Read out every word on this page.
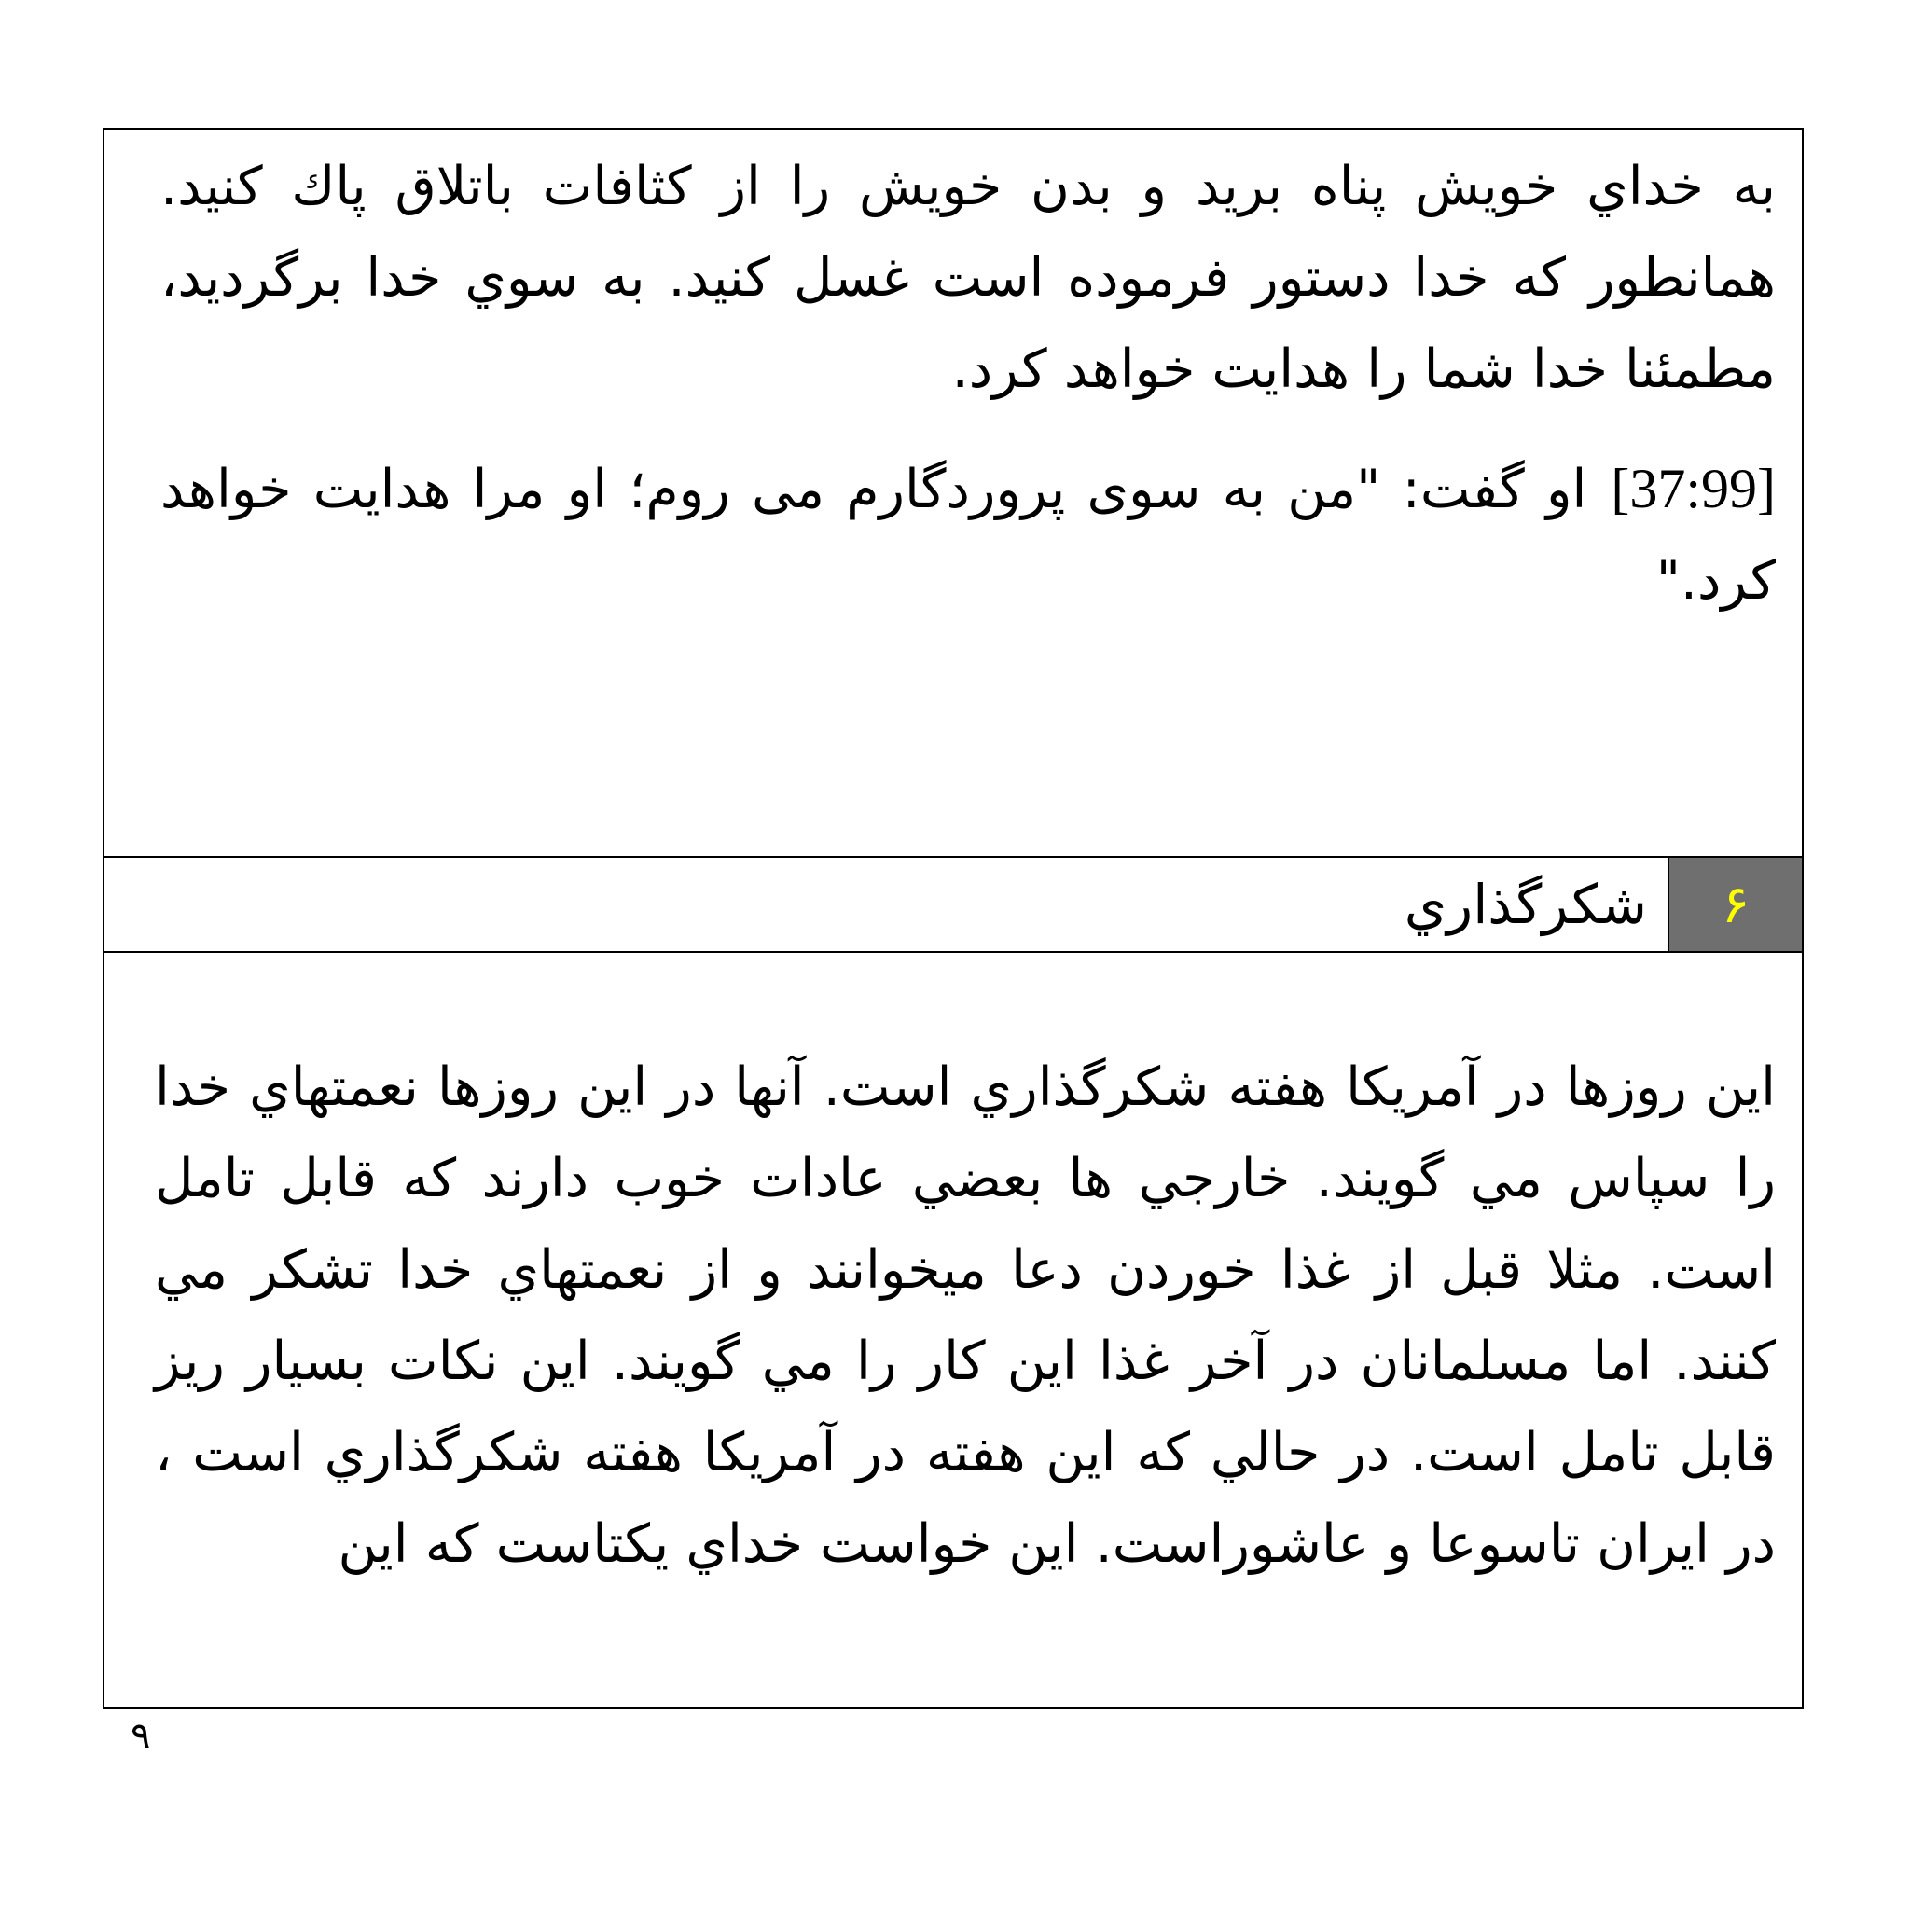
به خداي خويش پناه بريد و بدن خويش را از كثافات باتلاق پاك كنيد. همانطور كه خدا دستور فرموده است غسل كنيد. به سوي خدا برگرديد، مطمئنا خدا شما را هدايت خواهد كرد.

[37:99]او گفت: "من به سوی پروردگارم می روم؛ او مرا هدایت خواهد کرد."

۶
شكرگذاري

اين روزها در آمريكا هفته شكرگذاري است. آنها در اين روزها نعمتهاي خدا را سپاس مي گويند. خارجي ها بعضي عادات خوب دارند كه قابل تامل است. مثلا قبل از غذا خوردن دعا ميخوانند و از نعمتهاي خدا تشكر مي كنند. اما مسلمانان در آخر غذا اين كار را مي گويند. اين نكات بسيار ريز قابل تامل است. در حالي كه اين هفته در آمريكا هفته شكرگذاري است ، در ايران تاسوعا و عاشوراست. اين خواست خداي يكتاست كه اين

۹
